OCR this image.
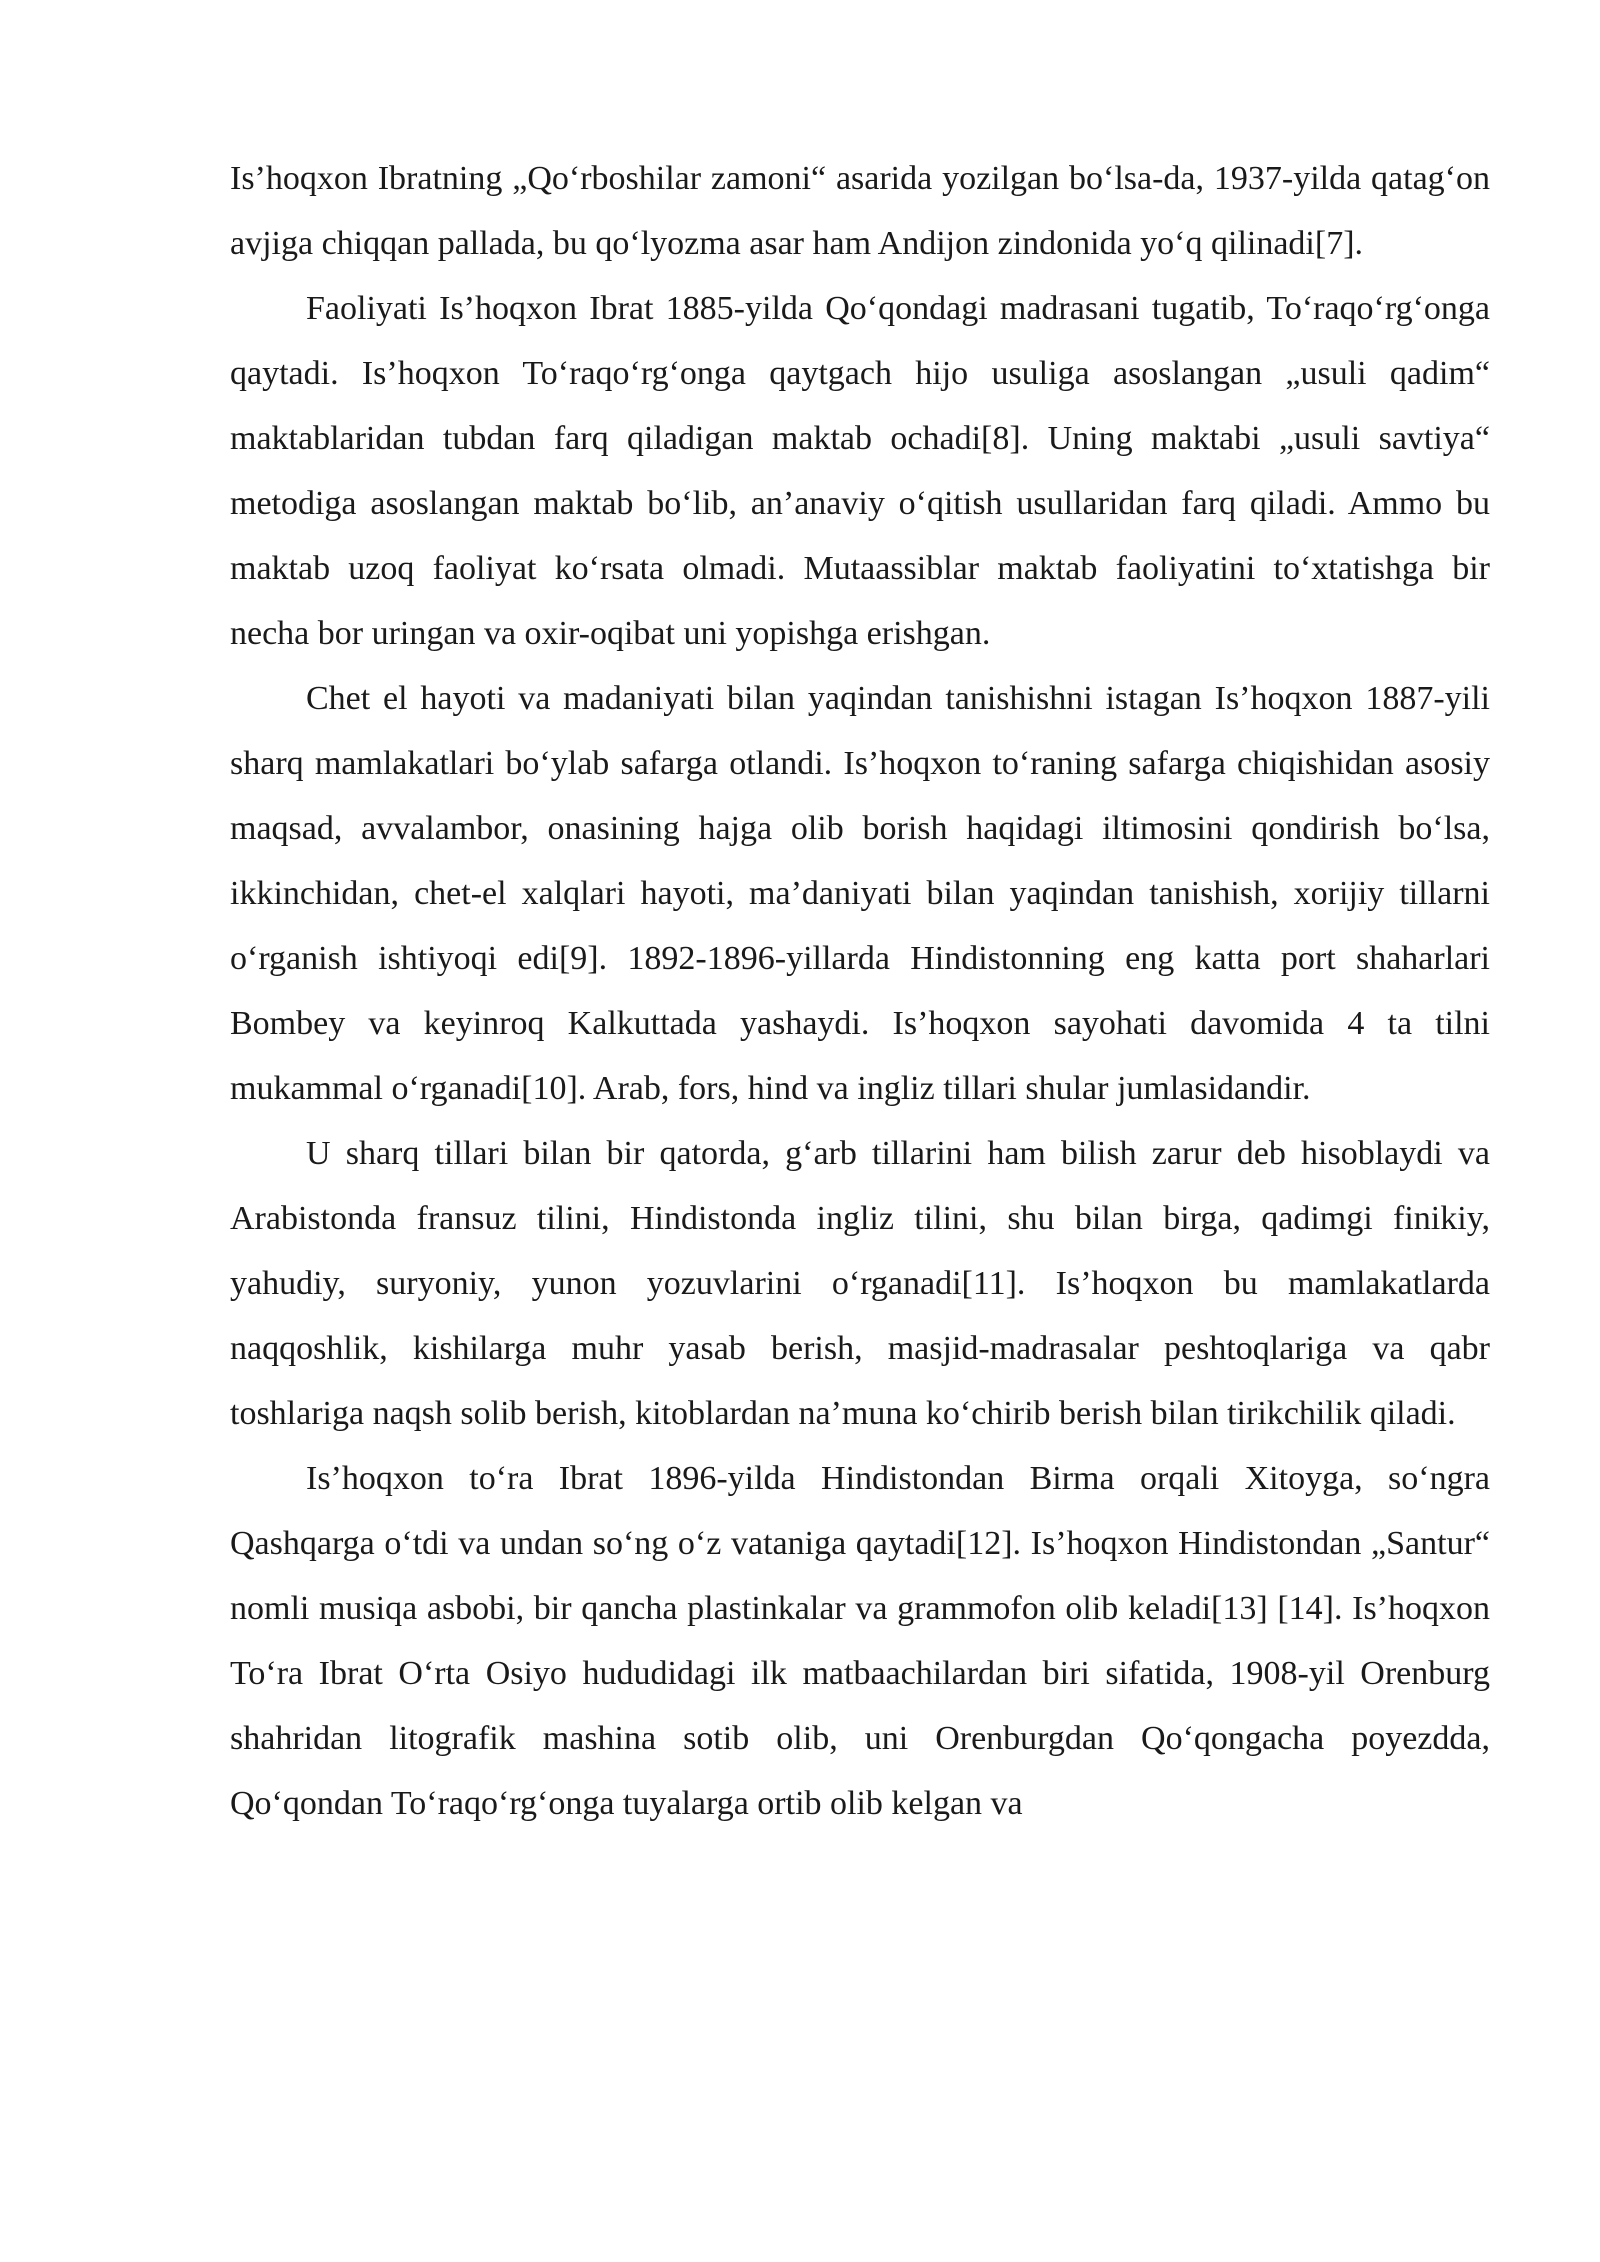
Is’hoqxon Ibratning „Qo‘rboshilar zamoni“ asarida yozilgan bo‘lsa-da, 1937-yilda qatag‘on avjiga chiqqan pallada, bu qo‘lyozma asar ham Andijon zindonida yo‘q qilinadi[7].

Faoliyati Is’hoqxon Ibrat 1885-yilda Qo‘qondagi madrasani tugatib, To‘raqo‘rg‘onga qaytadi. Is’hoqxon To‘raqo‘rg‘onga qaytgach hijo usuliga asoslangan „usuli qadim“ maktablaridan tubdan farq qiladigan maktab ochadi[8]. Uning maktabi „usuli savtiya“ metodiga asoslangan maktab bo‘lib, an’anaviy o‘qitish usullaridan farq qiladi. Ammo bu maktab uzoq faoliyat ko‘rsata olmadi. Mutaassiblar maktab faoliyatini to‘xtatishga bir necha bor uringan va oxir-oqibat uni yopishga erishgan.

Chet el hayoti va madaniyati bilan yaqindan tanishishni istagan Is’hoqxon 1887-yili sharq mamlakatlari bo‘ylab safarga otlandi. Is’hoqxon to‘raning safarga chiqishidan asosiy maqsad, avvalambor, onasining hajga olib borish haqidagi iltimosini qondirish bo‘lsa, ikkinchidan, chet-el xalqlari hayoti, ma’daniyati bilan yaqindan tanishish, xorijiy tillarni o‘rganish ishtiyoqi edi[9]. 1892-1896-yillarda Hindistonning eng katta port shaharlari Bombey va keyinroq Kalkuttada yashaydi. Is’hoqxon sayohati davomida 4 ta tilni mukammal o‘rganadi[10]. Arab, fors, hind va ingliz tillari shular jumlasidandir.

U sharq tillari bilan bir qatorda, g‘arb tillarini ham bilish zarur deb hisoblaydi va Arabistonda fransuz tilini, Hindistonda ingliz tilini, shu bilan birga, qadimgi finikiy, yahudiy, suryoniy, yunon yozuvlarini o‘rganadi[11]. Is’hoqxon bu mamlakatlarda naqqoshlik, kishilarga muhr yasab berish, masjid-madrasalar peshtoqlariga va qabr toshlariga naqsh solib berish, kitoblardan na’muna ko‘chirib berish bilan tirikchilik qiladi.

Is’hoqxon to‘ra Ibrat 1896-yilda Hindistondan Birma orqali Xitoyga, so‘ngra Qashqarga o‘tdi va undan so‘ng o‘z vataniga qaytadi[12]. Is’hoqxon Hindistondan „Santur“ nomli musiqa asbobi, bir qancha plastinkalar va grammofon olib keladi[13] [14]. Is’hoqxon To‘ra Ibrat O‘rta Osiyo hududidagi ilk matbaachilardan biri sifatida, 1908-yil Orenburg shahridan litografik mashina sotib olib, uni Orenburgdan Qo‘qongacha poyezdda, Qo‘qondan To‘raqo‘rg‘onga tuyalarga ortib olib kelgan va
